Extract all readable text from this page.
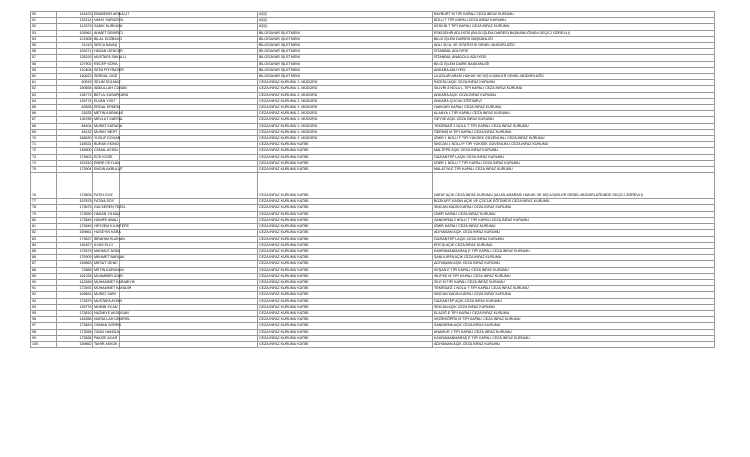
50	144433	EBABEKIR AKBULUT		AŞÇI	BAYBURT M TİPİ KAPALI CEZA İNFAZ KURUMU
51	133214	NIHAT SARIUSTA		AŞÇI	BOLU T TİPİ KAPALI CEZA İNFAZ KURUMU
52	112579	SADIK KURKAYA		AŞÇI	KESKİN T TİPİ KAPALI CEZA İNFAZ KURUMU
53	105961	AHMET DEMIRCI		BİLGİSAYAR İŞLETMENİ	ESKİŞEHİR ADLİYESİ (BİLGİ İŞLEM DAİRESİ BAŞKANLIĞINDA GEÇİCİ GÖREVLİ)
54	121508	BILAL SOZBILICI		BİLGİSAYAR İŞLETMENİ	BİLGİ İŞLEM DAİRESİ BAŞKANLIĞI
55	31243	SIRCILSAVAŞ		BİLGİSAYAR İŞLETMENİ	ADLİ SİCİL VE İSTATİSTİK GENEL MÜDÜRLÜĞÜ
56	105271	HASAN GENCER		BİLGİSAYAR İŞLETMENİ	İSTANBUL ADLİYESİ
57	126193	MUSTAFA SAKALLI		BİLGİSAYAR İŞLETMENİ	İSTANBUL ANADOLU ADLİYESİ
58	127902	RECEP SORA		BİLGİSAYAR İŞLETMENİ	BİLGİ İŞLEM DAİRE BAŞKANLIĞI
59	110408	SEFA POYRAZER		BİLGİSAYAR İŞLETMENİ	ANKARA ADLİYESİ
60	140623	SERDAL OGE		BİLGİSAYAR İŞLETMENİ	ULUSLAR ARASI HUKUK VE DIŞ İLİŞKİLER GENEL MÜDÜRLÜĞÜ
61	40515	SELIM SOLMAZ		CEZA İNFAZ KURUMU 1. MÜDÜRÜ	İNCESU AÇIK CEZA İNFAZ KURUMU
62	150655	ABDULLAH COBAN		CEZA İNFAZ KURUMU 2. MÜDÜRÜ	SİLİVRİ 8 NOLU L TİPİ KAPALI CEZA İNFAZ KURUMU
63	136774	BETUL KASAPKARA		CEZA İNFAZ KURUMU 2. MÜDÜRÜ	ANKARA AÇIK CEZA İNFAZ KURUMU
64	139774	ELVAN YIGIT		CEZA İNFAZ KURUMU 2. MÜDÜRÜ	ANKARA ÇOCUK EĞİTİMEVİ
65	40528	ERDAL ERDEM		CEZA İNFAZ KURUMU 2. MÜDÜRÜ	HAKKARİ KAPALI CEZA İNFAZ KURUMU
66	31635	METIN KARAKAS		CEZA İNFAZ KURUMU 2. MÜDÜRÜ	ALANYA L TİPİ KAPALI CEZA İNFAZ KURUMU
67	136785	MEVLUT KARTAL		CEZA İNFAZ KURUMU 2. MÜDÜRÜ	GEYVE AÇIK CEZA İNFAZ KURUMU
68	84404	MURAT KARACA		CEZA İNFAZ KURUMU 2. MÜDÜRÜ	TEKİRDAĞ 2 NOLU T TİPİ KAPALI CEZA İNFAZ KURUMU
69	48132	MURAT MERT		CEZA İNFAZ KURUMU 2. MÜDÜRÜ	ÖDEMİŞ M TİPİ KAPALI CEZA İNFAZ KURUMU
70	158630	YUSUF DOGAN		CEZA İNFAZ KURUMU 2. MÜDÜRÜ	İZMİR 1 NOLU F TİPİ YÜKSEK GÜVENLİKLİ CEZA İNFAZ KURUMU
71	145531	BURAK EKINCI		CEZA İNFAZ KURUMU KATİBİ	SİNCAN 1 NOLU F TİPİ YÜKSEK GÜVENLİKLİ CEZA İNFAZ KURUMU
72	145900	CEMAL AYDIN		CEZA İNFAZ KURUMU KATİBİ	MALTEPE AÇIK CEZA İNFAZ KURUMU
73	173502	ECE KOSE		CEZA İNFAZ KURUMU KATİBİ	GAZİANTEP LAÇIK CEZA İNFAZ KURUMU
74	157610	EMRE CEYLAN		CEZA İNFAZ KURUMU KATİBİ	İZMİR 1 NOLU T TİPİ KAPALI CEZA İNFAZ KURUMU
75	173904	ENGIN AKBULUT		CEZA İNFAZ KURUMU KATİBİ	MALATYA E TİPİ KAPALI CEZA İNFAZ KURUMU
76	173505	FATIH GOZ		CEZA İNFAZ KURUMU KATİBİ	HATAY AÇIK CEZA İNFAZ KURUMU (ULUSLARARASI HUKUK VE DIŞ İLİŞKİLER GENEL MÜDÜRLÜĞÜNDE GEÇİCİ GÖREVLİ)
77	157878	FATMA SOY		CEZA İNFAZ KURUMU KATİBİ	BOZKURT KADIN AÇIK VE ÇOCUK EĞİTİMEVİ CEZA İNFAZ KURUMU
78	173675	GULSEREN TEZEL		CEZA İNFAZ KURUMU KATİBİ	SİNCAN KADIN KAPALI CEZA İNFAZ KURUMU
79	173650	HAKAN YILMAZ		CEZA İNFAZ KURUMU KATİBİ	İZMİR KAPALI CEZA İNFAZ KURUMU
80	173849	HANIFE ABALI		CEZA İNFAZ KURUMU KATİBİ	SANDIRMA 2 NOLU T TİPİ KAPALI CEZA İNFAZ KURUMU
81	173649	HEYSEM KILIMTEPE		CEZA İNFAZ KURUMU KATİBİ	İZMİR KAPALI CEZA İNFAZ KURUMU
82	159861	HUSEYIN KARA		CEZA İNFAZ KURUMU KATİBİ	ADIYAMAN AÇIK CEZA İNFAZ KURUMU
83	173637	IBRAHIM KUZHAN		CEZA İNFAZ KURUMU KATİBİ	GAZİANTEP LAÇIK CEZA İNFAZ KURUMU
84	146327	ILYAS ELCI		CEZA İNFAZ KURUMU KATİBİ	ERCİŞ AÇIK CEZA İNFAZ KURUMU
85	173679	MAHMUT AYAN		CEZA İNFAZ KURUMU KATİBİ	KAHRAMANMARAŞ E TİPİ KAPALI CEZA İNFAZ KURUMU
86	175909	MEHMET BARLAK		CEZA İNFAZ KURUMU KATİBİ	ŞANLIURFA AÇIK CEZA İNFAZ KURUMU
87	159863	MESUT GENC		CEZA İNFAZ KURUMU KATİBİ	ADIYAMAN AÇIK CEZA İNFAZ KURUMU
88	72865	METIN KARAHAN		CEZA İNFAZ KURUMU KATİBİ	KEŞAN E TİPİ KAPALI CEZA İNFAZ KURUMU
89	161035	MUAMMER ATAR		CEZA İNFAZ KURUMU KATİBİ	SİLİFKE M TİPİ KAPALI CEZA İNFAZ KURUMU
90	142459	MUHAMMET KARABIYIK		CEZA İNFAZ KURUMU KATİBİ	ZİLE M TİPİ KAPALI CEZA İNFAZ KURUMU
91	172592	MUHAMMET KAYADIR		CEZA İNFAZ KURUMU KATİBİ	TEKİRDAĞ 1 NOLU T TİPİ KAPALI CEZA İNFAZ KURUMU
92	159691	MURAT SARI		CEZA İNFAZ KURUMU KATİBİ	SİNCAN KADIN KAPALI CEZA İNFAZ KURUMU
93	173679	MUSTAFA AYDIN		CEZA İNFAZ KURUMU KATİBİ	GAZİANTEP AÇIK CEZA İNFAZ KURUMU
94	139776	MUMIN YILAN		CEZA İNFAZ KURUMU KATİBİ	SİNCAN AÇIK CEZA İNFAZ KURUMU
95	173810	NAZMIYE AKDOGAN		CEZA İNFAZ KURUMU KATİBİ	ELAZIĞ E TİPİ KAPALI CEZA İNFAZ KURUMU
96	144556	NURULLAH DEMIREL		CEZA İNFAZ KURUMU KATİBİ	VEZİRKÖPRÜ M TİPİ KAPALI CEZA İNFAZ KURUMU
97	173843	OSMAN SOREN		CEZA İNFAZ KURUMU KATİBİ	SANDIRMA AÇIK CEZA İNFAZ KURUMU
98	173596	OZAN HANOUL		CEZA İNFAZ KURUMU KATİBİ	ANAMUR J TİPİ KAPALI CEZA İNFAZ KURUMU
99	173838	PAKIZE ACAR		CEZA İNFAZ KURUMU KATİBİ	KAHRAMANMARAŞ E TİPİ KAPALI CEZA İNFAZ KURUMU
100	159852	TAHIR AKKOK		CEZA İNFAZ KURUMU KATİBİ	ADIYAMAN AÇIK CEZA İNFAZ KURUMU
